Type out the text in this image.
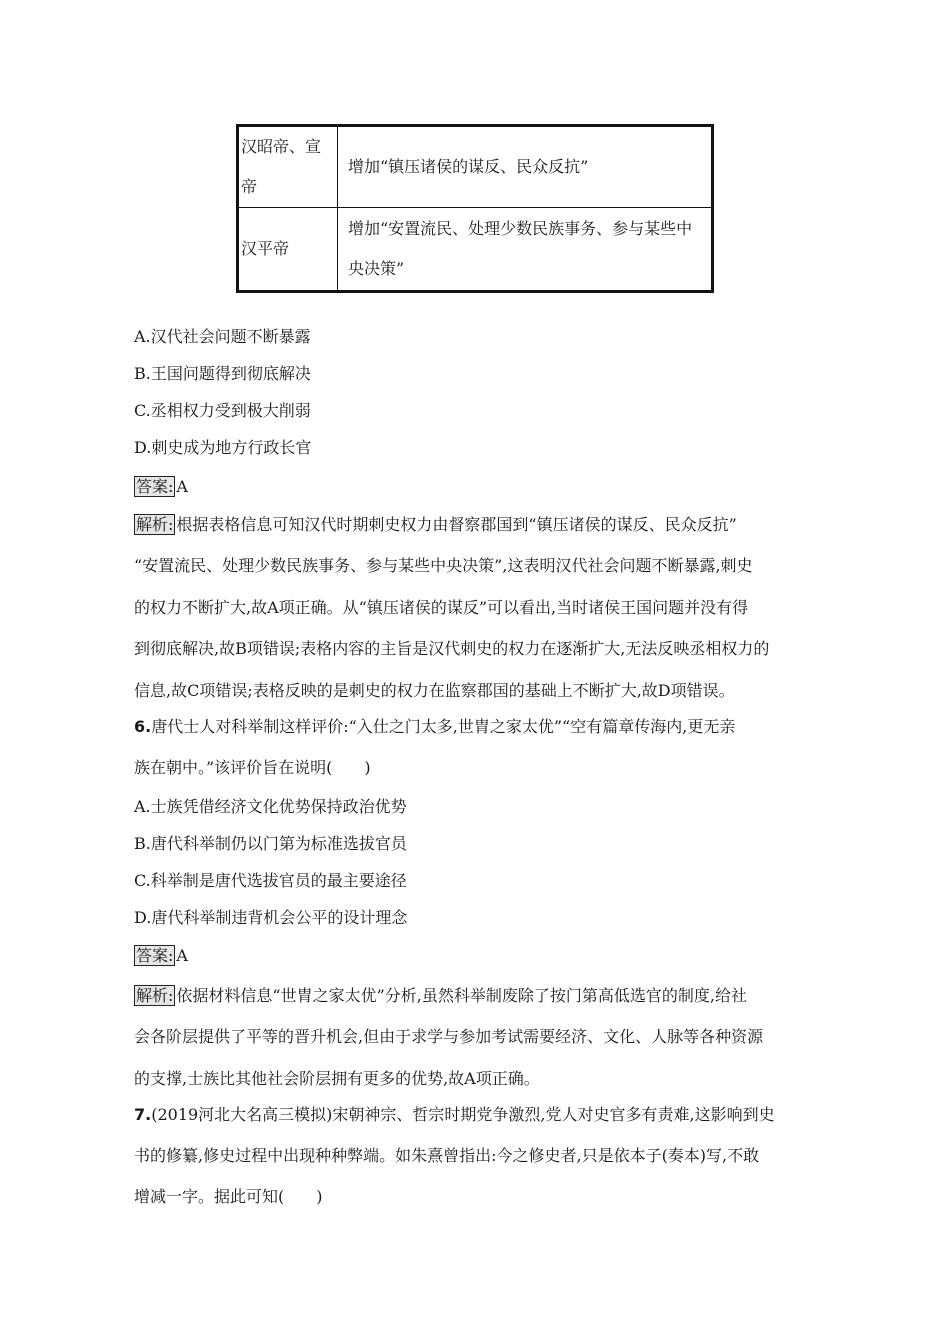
汉昭帝、宣帝	增加“镇压诸侯的谋反、民众反抗”
汉平帝	增加“安置流民、处理少数民族事务、参与某些中央决策”
A.汉代社会问题不断暴露
B.王国问题得到彻底解决
C.丞相权力受到极大削弱
D.刺史成为地方行政长官
答案: A
解析: 根据表格信息可知汉代时期刺史权力由督察郡国到“镇压诸侯的谋反、民众反抗”
“安置流民、处理少数民族事务、参与某些中央决策”,这表明汉代社会问题不断暴露,刺史
的权力不断扩大,故A项正确。从“镇压诸侯的谋反”可以看出,当时诸侯王国问题并没有得
到彻底解决,故B项错误;表格内容的主旨是汉代刺史的权力在逐渐扩大,无法反映丞相权力的
信息,故C项错误;表格反映的是刺史的权力在监察郡国的基础上不断扩大,故D项错误。
6.唐代士人对科举制这样评价:“入仕之门太多,世胄之家太优”“空有篇章传海内,更无亲
族在朝中。”该评价旨在说明(　　)
A.士族凭借经济文化优势保持政治优势
B.唐代科举制仍以门第为标准选拔官员
C.科举制是唐代选拔官员的最主要途径
D.唐代科举制违背机会公平的设计理念
答案: A
解析: 依据材料信息“世胄之家太优”分析,虽然科举制废除了按门第高低选官的制度,给社
会各阶层提供了平等的晋升机会,但由于求学与参加考试需要经济、文化、人脉等各种资源
的支撑,士族比其他社会阶层拥有更多的优势,故A项正确。
7.(2019河北大名高三模拟)宋朝神宗、哲宗时期党争激烈,党人对史官多有责难,这影响到史
书的修纂,修史过程中出现种种弊端。如朱熹曾指出:今之修史者,只是依本子(奏本)写,不敢
增减一字。据此可知(　　)
